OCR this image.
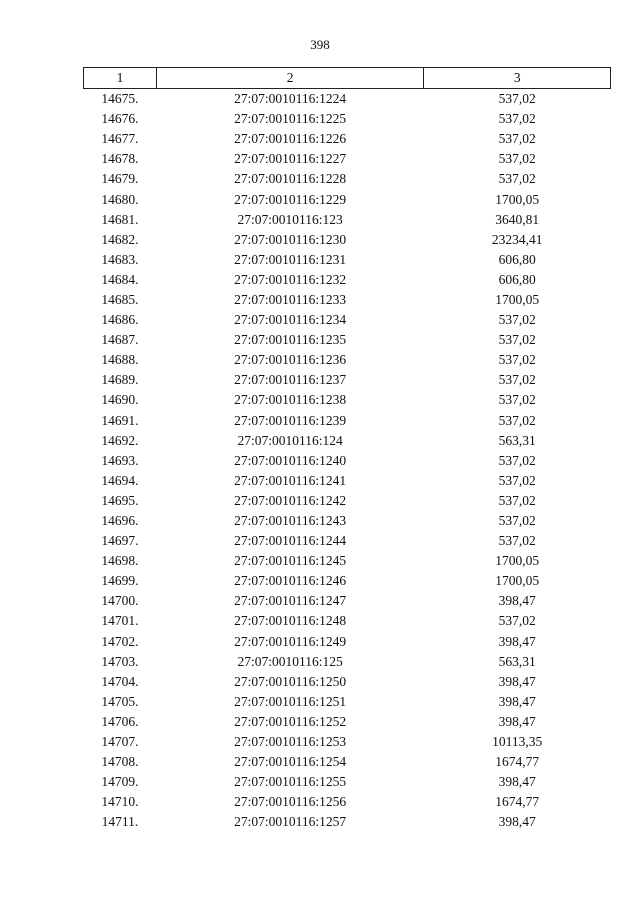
398
1	2	3
14675.	27:07:0010116:1224	537,02
14676.	27:07:0010116:1225	537,02
14677.	27:07:0010116:1226	537,02
14678.	27:07:0010116:1227	537,02
14679.	27:07:0010116:1228	537,02
14680.	27:07:0010116:1229	1700,05
14681.	27:07:0010116:123	3640,81
14682.	27:07:0010116:1230	23234,41
14683.	27:07:0010116:1231	606,80
14684.	27:07:0010116:1232	606,80
14685.	27:07:0010116:1233	1700,05
14686.	27:07:0010116:1234	537,02
14687.	27:07:0010116:1235	537,02
14688.	27:07:0010116:1236	537,02
14689.	27:07:0010116:1237	537,02
14690.	27:07:0010116:1238	537,02
14691.	27:07:0010116:1239	537,02
14692.	27:07:0010116:124	563,31
14693.	27:07:0010116:1240	537,02
14694.	27:07:0010116:1241	537,02
14695.	27:07:0010116:1242	537,02
14696.	27:07:0010116:1243	537,02
14697.	27:07:0010116:1244	537,02
14698.	27:07:0010116:1245	1700,05
14699.	27:07:0010116:1246	1700,05
14700.	27:07:0010116:1247	398,47
14701.	27:07:0010116:1248	537,02
14702.	27:07:0010116:1249	398,47
14703.	27:07:0010116:125	563,31
14704.	27:07:0010116:1250	398,47
14705.	27:07:0010116:1251	398,47
14706.	27:07:0010116:1252	398,47
14707.	27:07:0010116:1253	10113,35
14708.	27:07:0010116:1254	1674,77
14709.	27:07:0010116:1255	398,47
14710.	27:07:0010116:1256	1674,77
14711.	27:07:0010116:1257	398,47
